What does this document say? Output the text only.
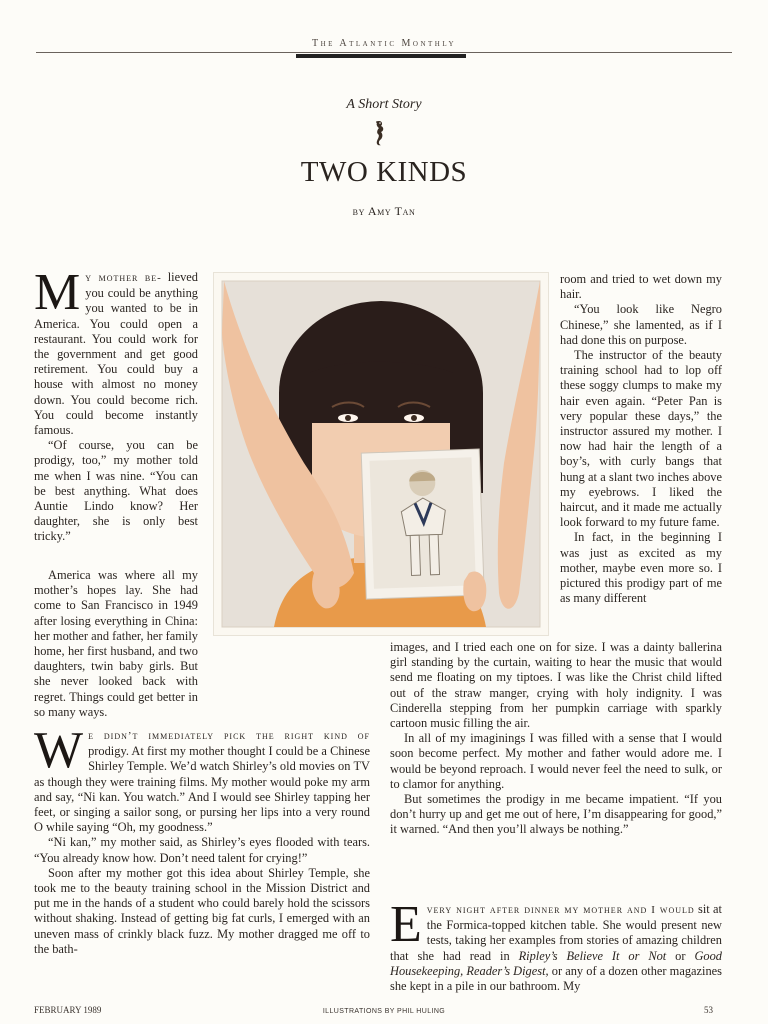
The Atlantic Monthly
A Short Story
TWO KINDS
by Amy Tan

My mother be- lieved you could be anything you wanted to be in America. You could open a restaurant. You could work for the government and get good retirement. You could buy a house with almost no money down. You could become rich. You could become instantly famous.

“Of course, you can be prodigy, too,” my mother told me when I was nine. “You can be best anything. What does Auntie Lindo know? Her daughter, she is only best tricky.”

America was where all my mother’s hopes lay. She had come to San Francisco in 1949 after losing everything in China: her mother and father, her family home, her first husband, and two daughters, twin baby girls. But she never looked back with regret. Things could get better in so many ways.

We didn’t immediately pick the right kind of prodigy. At first my mother thought I could be a Chinese Shirley Temple. We’d watch Shirley’s old movies on TV as though they were training films. My mother would poke my arm and say, “Ni kan. You watch.” And I would see Shirley tapping her feet, or singing a sailor song, or pursing her lips into a very round O while saying “Oh, my goodness.”

“Ni kan,” my mother said, as Shirley’s eyes flooded with tears. “You already know how. Don’t need talent for crying!”

Soon after my mother got this idea about Shirley Temple, she took me to the beauty training school in the Mission District and put me in the hands of a student who could barely hold the scissors without shaking. Instead of getting big fat curls, I emerged with an uneven mass of crinkly black fuzz. My mother dragged me off to the bath-

room and tried to wet down my hair.

“You look like Negro Chinese,” she lamented, as if I had done this on purpose.

The instructor of the beauty training school had to lop off these soggy clumps to make my hair even again. “Peter Pan is very popular these days,” the instructor assured my mother. I now had hair the length of a boy’s, with curly bangs that hung at a slant two inches above my eyebrows. I liked the haircut, and it made me actually look forward to my future fame.

In fact, in the beginning I was just as excited as my mother, maybe even more so. I pictured this prodigy part of me as many different

images, and I tried each one on for size. I was a dainty ballerina girl standing by the curtain, waiting to hear the music that would send me floating on my tiptoes. I was like the Christ child lifted out of the straw manger, crying with holy indignity. I was Cinderella stepping from her pumpkin carriage with sparkly cartoon music filling the air.

In all of my imaginings I was filled with a sense that I would soon become perfect. My mother and father would adore me. I would be beyond reproach. I would never feel the need to sulk, or to clamor for anything.

But sometimes the prodigy in me became impatient. “If you don’t hurry up and get me out of here, I’m disappearing for good,” it warned. “And then you’ll always be nothing.”

Every night after dinner my mother and I would sit at the Formica-topped kitchen table. She would present new tests, taking her examples from stories of amazing children that she had read in Ripley’s Believe It or Not or Good Housekeeping, Reader’s Digest, or any of a dozen other magazines she kept in a pile in our bathroom. My

FEBRUARY 1989	ILLUSTRATIONS BY PHIL HULING	53
